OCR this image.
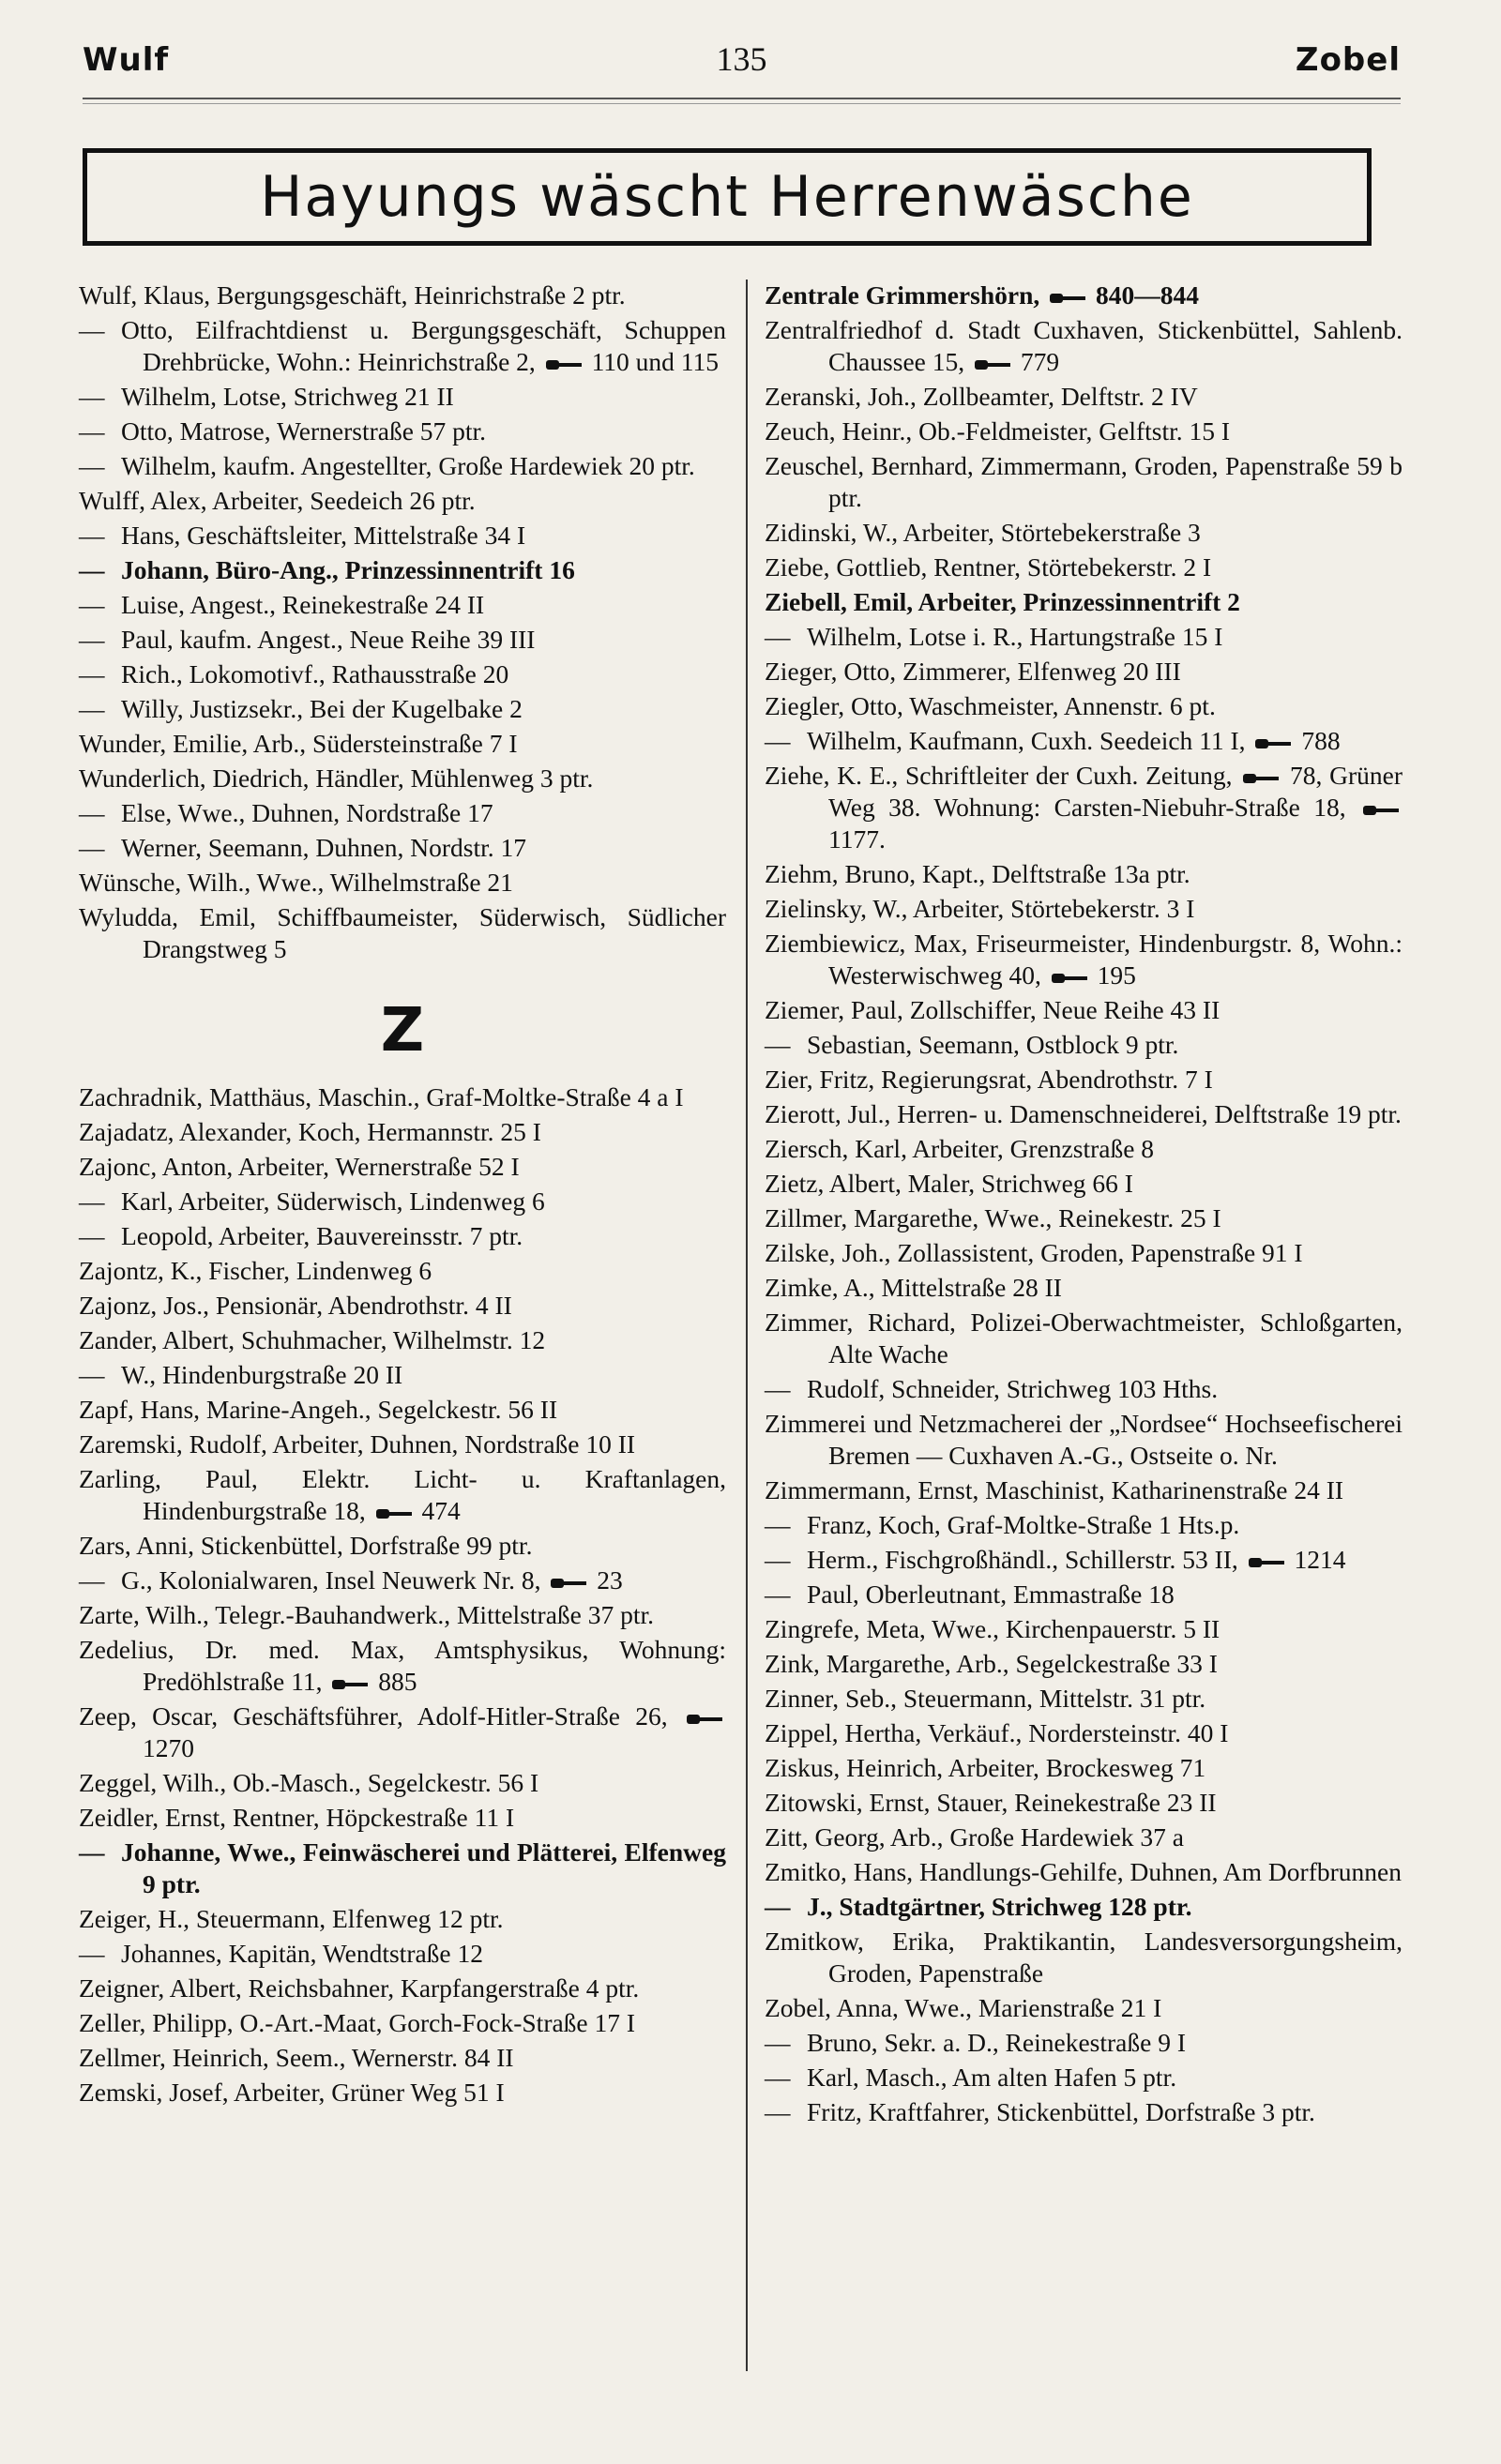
Wulf	135	Zobel
Hayungs wäscht Herrenwäsche
Wulf, Klaus, Bergungsgeschäft, Heinrichstraße 2 ptr.
— Otto, Eilfrachtdienst u. Bergungsgeschäft, Schuppen Drehbrücke, Wohn.: Heinrichstraße 2,  110 und 115
— Wilhelm, Lotse, Strichweg 21 II
— Otto, Matrose, Wernerstraße 57 ptr.
— Wilhelm, kaufm. Angestellter, Große Hardewiek 20 ptr.
Wulff, Alex, Arbeiter, Seedeich 26 ptr.
— Hans, Geschäftsleiter, Mittelstraße 34 I
— Johann, Büro-Ang., Prinzessinnentrift 16
— Luise, Angest., Reinekestraße 24 II
— Paul, kaufm. Angest., Neue Reihe 39 III
— Rich., Lokomotivf., Rathausstraße 20
— Willy, Justizsekr., Bei der Kugelbake 2
Wunder, Emilie, Arb., Südersteinstraße 7 I
Wunderlich, Diedrich, Händler, Mühlenweg 3 ptr.
— Else, Wwe., Duhnen, Nordstraße 17
— Werner, Seemann, Duhnen, Nordstr. 17
Wünsche, Wilh., Wwe., Wilhelmstraße 21
Wyludda, Emil, Schiffbaumeister, Süderwisch, Südlicher Drangstweg 5
Z
Zachradnik, Matthäus, Maschin., Graf-Moltke-Straße 4 a I
Zajadatz, Alexander, Koch, Hermannstr. 25 I
Zajonc, Anton, Arbeiter, Wernerstraße 52 I
— Karl, Arbeiter, Süderwisch, Lindenweg 6
— Leopold, Arbeiter, Bauvereinsstr. 7 ptr.
Zajontz, K., Fischer, Lindenweg 6
Zajonz, Jos., Pensionär, Abendrothstr. 4 II
Zander, Albert, Schuhmacher, Wilhelmstr. 12
— W., Hindenburgstraße 20 II
Zapf, Hans, Marine-Angeh., Segelckestr. 56 II
Zaremski, Rudolf, Arbeiter, Duhnen, Nordstraße 10 II
Zarling, Paul, Elektr. Licht- u. Kraftanlagen, Hindenburgstraße 18,  474
Zars, Anni, Stickenbüttel, Dorfstraße 99 ptr.
— G., Kolonialwaren, Insel Neuwerk Nr. 8,  23
Zarte, Wilh., Telegr.-Bauhandwerk., Mittelstraße 37 ptr.
Zedelius, Dr. med. Max, Amtsphysikus, Wohnung: Predöhlstraße 11,  885
Zeep, Oscar, Geschäftsführer, Adolf-Hitler-Straße 26,  1270
Zeggel, Wilh., Ob.-Masch., Segelckestr. 56 I
Zeidler, Ernst, Rentner, Höpckestraße 11 I
— Johanne, Wwe., Feinwäscherei und Plätterei, Elfenweg 9 ptr.
Zeiger, H., Steuermann, Elfenweg 12 ptr.
— Johannes, Kapitän, Wendtstraße 12
Zeigner, Albert, Reichsbahner, Karpfangerstraße 4 ptr.
Zeller, Philipp, O.-Art.-Maat, Gorch-Fock-Straße 17 I
Zellmer, Heinrich, Seem., Wernerstr. 84 II
Zemski, Josef, Arbeiter, Grüner Weg 51 I
Zentrale Grimmershörn,  840—844
Zentralfriedhof d. Stadt Cuxhaven, Stickenbüttel, Sahlenb. Chaussee 15,  779
Zeranski, Joh., Zollbeamter, Delftstr. 2 IV
Zeuch, Heinr., Ob.-Feldmeister, Gelftstr. 15 I
Zeuschel, Bernhard, Zimmermann, Groden, Papenstraße 59 b ptr.
Zidinski, W., Arbeiter, Störtebekerstraße 3
Ziebe, Gottlieb, Rentner, Störtebekerstr. 2 I
Ziebell, Emil, Arbeiter, Prinzessinnentrift 2
— Wilhelm, Lotse i. R., Hartungstraße 15 I
Zieger, Otto, Zimmerer, Elfenweg 20 III
Ziegler, Otto, Waschmeister, Annenstr. 6 pt.
— Wilhelm, Kaufmann, Cuxh. Seedeich 11 I,  788
Ziehe, K. E., Schriftleiter der Cuxh. Zeitung,  78, Grüner Weg 38. Wohnung: Carsten-Niebuhr-Straße 18,  1177.
Ziehm, Bruno, Kapt., Delftstraße 13a ptr.
Zielinsky, W., Arbeiter, Störtebekerstr. 3 I
Ziembiewicz, Max, Friseurmeister, Hindenburgstr. 8, Wohn.: Westerwischweg 40,  195
Ziemer, Paul, Zollschiffer, Neue Reihe 43 II
— Sebastian, Seemann, Ostblock 9 ptr.
Zier, Fritz, Regierungsrat, Abendrothstr. 7 I
Zierott, Jul., Herren- u. Damenschneiderei, Delftstraße 19 ptr.
Ziersch, Karl, Arbeiter, Grenzstraße 8
Zietz, Albert, Maler, Strichweg 66 I
Zillmer, Margarethe, Wwe., Reinekestr. 25 I
Zilske, Joh., Zollassistent, Groden, Papenstraße 91 I
Zimke, A., Mittelstraße 28 II
Zimmer, Richard, Polizei-Oberwachtmeister, Schloßgarten, Alte Wache
— Rudolf, Schneider, Strichweg 103 Hths.
Zimmerei und Netzmacherei der „Nordsee“ Hochseefischerei Bremen — Cuxhaven A.-G., Ostseite o. Nr.
Zimmermann, Ernst, Maschinist, Katharinenstraße 24 II
— Franz, Koch, Graf-Moltke-Straße 1 Hts.p.
— Herm., Fischgroßhändl., Schillerstr. 53 II,  1214
— Paul, Oberleutnant, Emmastraße 18
Zingrefe, Meta, Wwe., Kirchenpauerstr. 5 II
Zink, Margarethe, Arb., Segelckestraße 33 I
Zinner, Seb., Steuermann, Mittelstr. 31 ptr.
Zippel, Hertha, Verkäuf., Nordersteinstr. 40 I
Ziskus, Heinrich, Arbeiter, Brockesweg 71
Zitowski, Ernst, Stauer, Reinekestraße 23 II
Zitt, Georg, Arb., Große Hardewiek 37 a
Zmitko, Hans, Handlungs-Gehilfe, Duhnen, Am Dorfbrunnen
— J., Stadtgärtner, Strichweg 128 ptr.
Zmitkow, Erika, Praktikantin, Landesversorgungsheim, Groden, Papenstraße
Zobel, Anna, Wwe., Marienstraße 21 I
— Bruno, Sekr. a. D., Reinekestraße 9 I
— Karl, Masch., Am alten Hafen 5 ptr.
— Fritz, Kraftfahrer, Stickenbüttel, Dorfstraße 3 ptr.
